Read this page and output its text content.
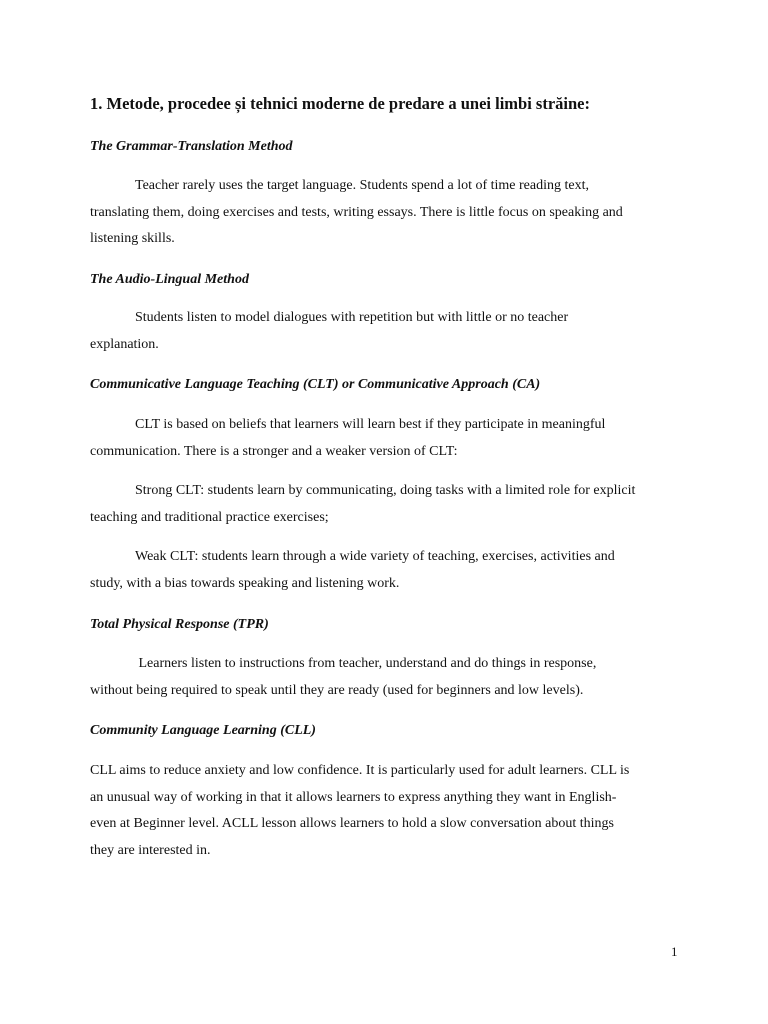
1. Metode, procedee și tehnici moderne de predare a unei limbi străine:
The Grammar-Translation Method
Teacher rarely uses the target language. Students spend a lot of time reading text,
translating them, doing exercises and tests, writing essays. There is little focus on speaking and
listening skills.
The Audio-Lingual Method
Students listen to model dialogues with repetition but with little or no teacher
explanation.
Communicative Language Teaching (CLT) or Communicative Approach (CA)
CLT is based on beliefs that learners will learn best if they participate in meaningful
communication. There is a stronger and a weaker version of CLT:
Strong CLT: students learn by communicating, doing tasks with a limited role for explicit
teaching and traditional practice exercises;
Weak CLT: students learn through a wide variety of teaching, exercises, activities and
study, with a bias towards speaking and listening work.
Total Physical Response (TPR)
Learners listen to instructions from teacher, understand and do things in response,
without being required to speak until they are ready (used for beginners and low levels).
Community Language Learning (CLL)
CLL aims to reduce anxiety and low confidence. It is particularly used for adult learners. CLL is
an unusual way of working in that it allows learners to express anything they want in English-
even at Beginner level. ACLL lesson allows learners to hold a slow conversation about things
they are interested in.
1
